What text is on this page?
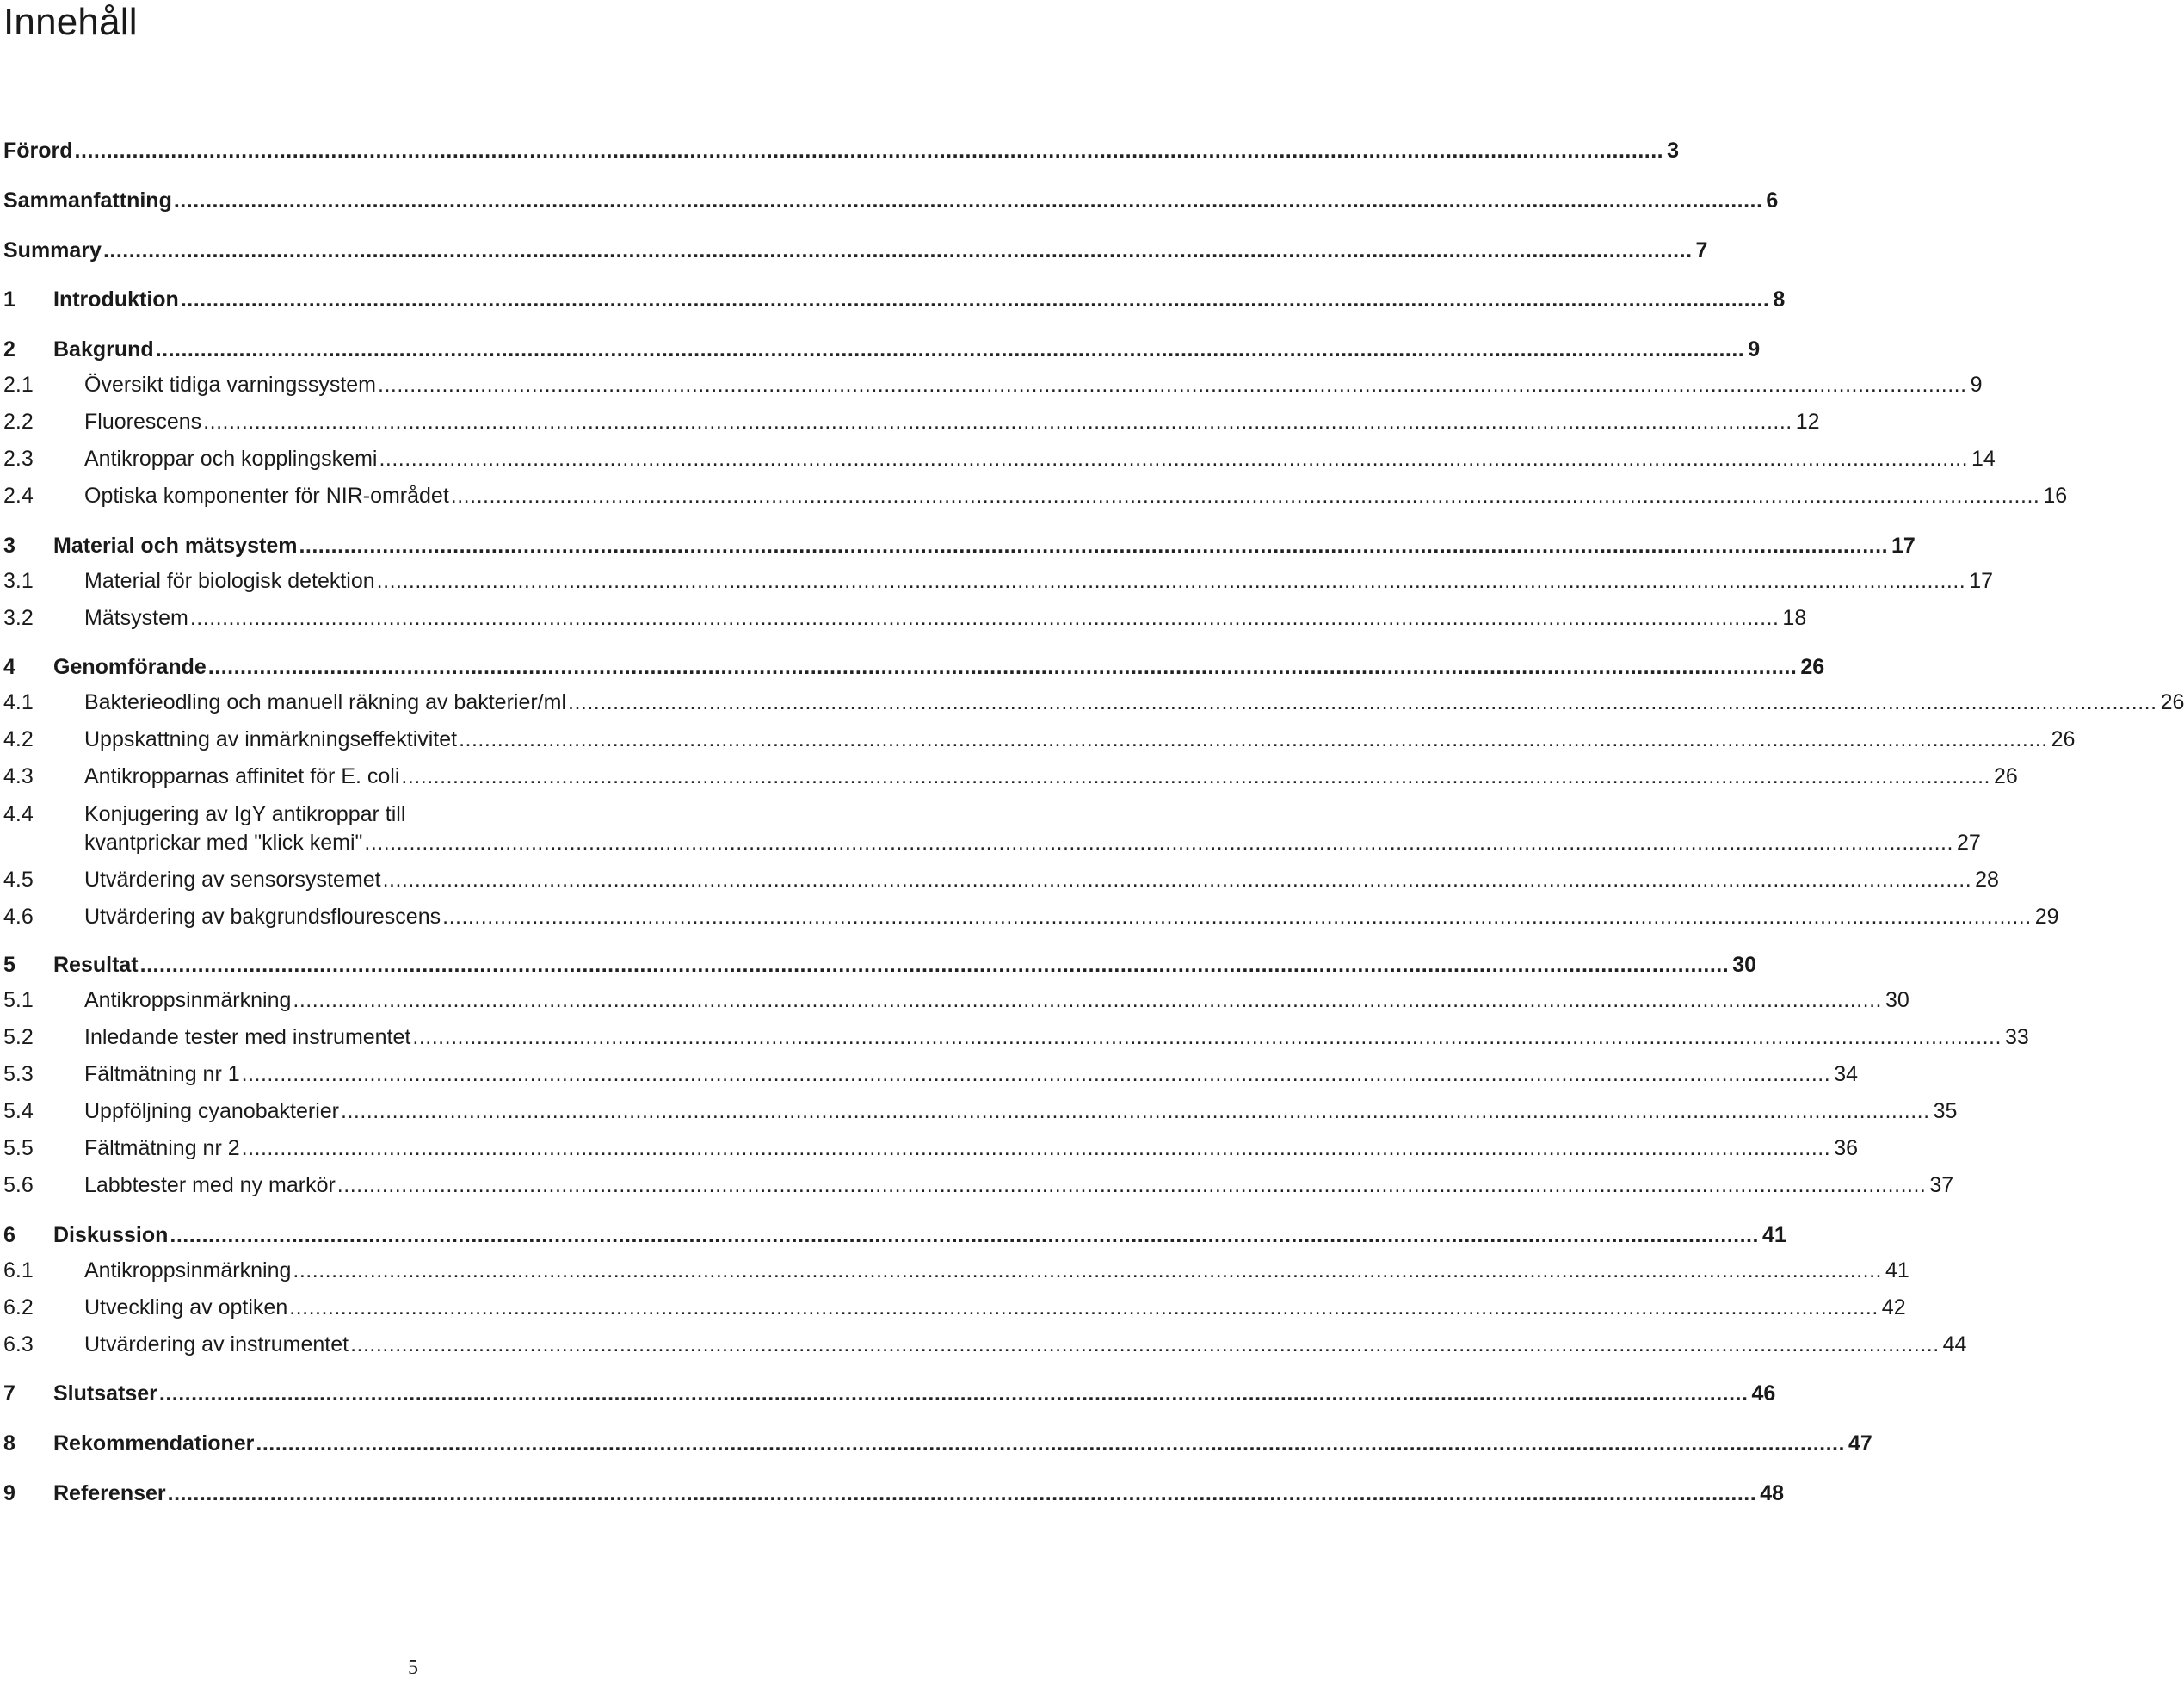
Innehåll
Förord .....	3
Sammanfattning .....	6
Summary .....	7
1	Introduktion .....	8
2	Bakgrund .....	9
2.1	Översikt tidiga varningssystem .....	9
2.2	Fluorescens .....	12
2.3	Antikroppar och kopplingskemi .....	14
2.4	Optiska komponenter för NIR-området .....	16
3	Material och mätsystem .....	17
3.1	Material för biologisk detektion .....	17
3.2	Mätsystem .....	18
4	Genomförande .....	26
4.1	Bakterieodling och manuell räkning av bakterier/ml .....	26
4.2	Uppskattning av inmärkningseffektivitet .....	26
4.3	Antikropparnas affinitet för E. coli .....	26
4.4	Konjugering av IgY antikroppar till
kvantprickar med "klick kemi" .....	27
4.5	Utvärdering av sensorsystemet .....	28
4.6	Utvärdering av bakgrundsflourescens .....	29
5	Resultat .....	30
5.1	Antikroppsinmärkning .....	30
5.2	Inledande tester med instrumentet .....	33
5.3	Fältmätning nr 1 .....	34
5.4	Uppföljning cyanobakterier .....	35
5.5	Fältmätning nr 2 .....	36
5.6	Labbtester med ny markör .....	37
6	Diskussion .....	41
6.1	Antikroppsinmärkning .....	41
6.2	Utveckling av optiken .....	42
6.3	Utvärdering av instrumentet .....	44
7	Slutsatser .....	46
8	Rekommendationer .....	47
9	Referenser .....	48
5
